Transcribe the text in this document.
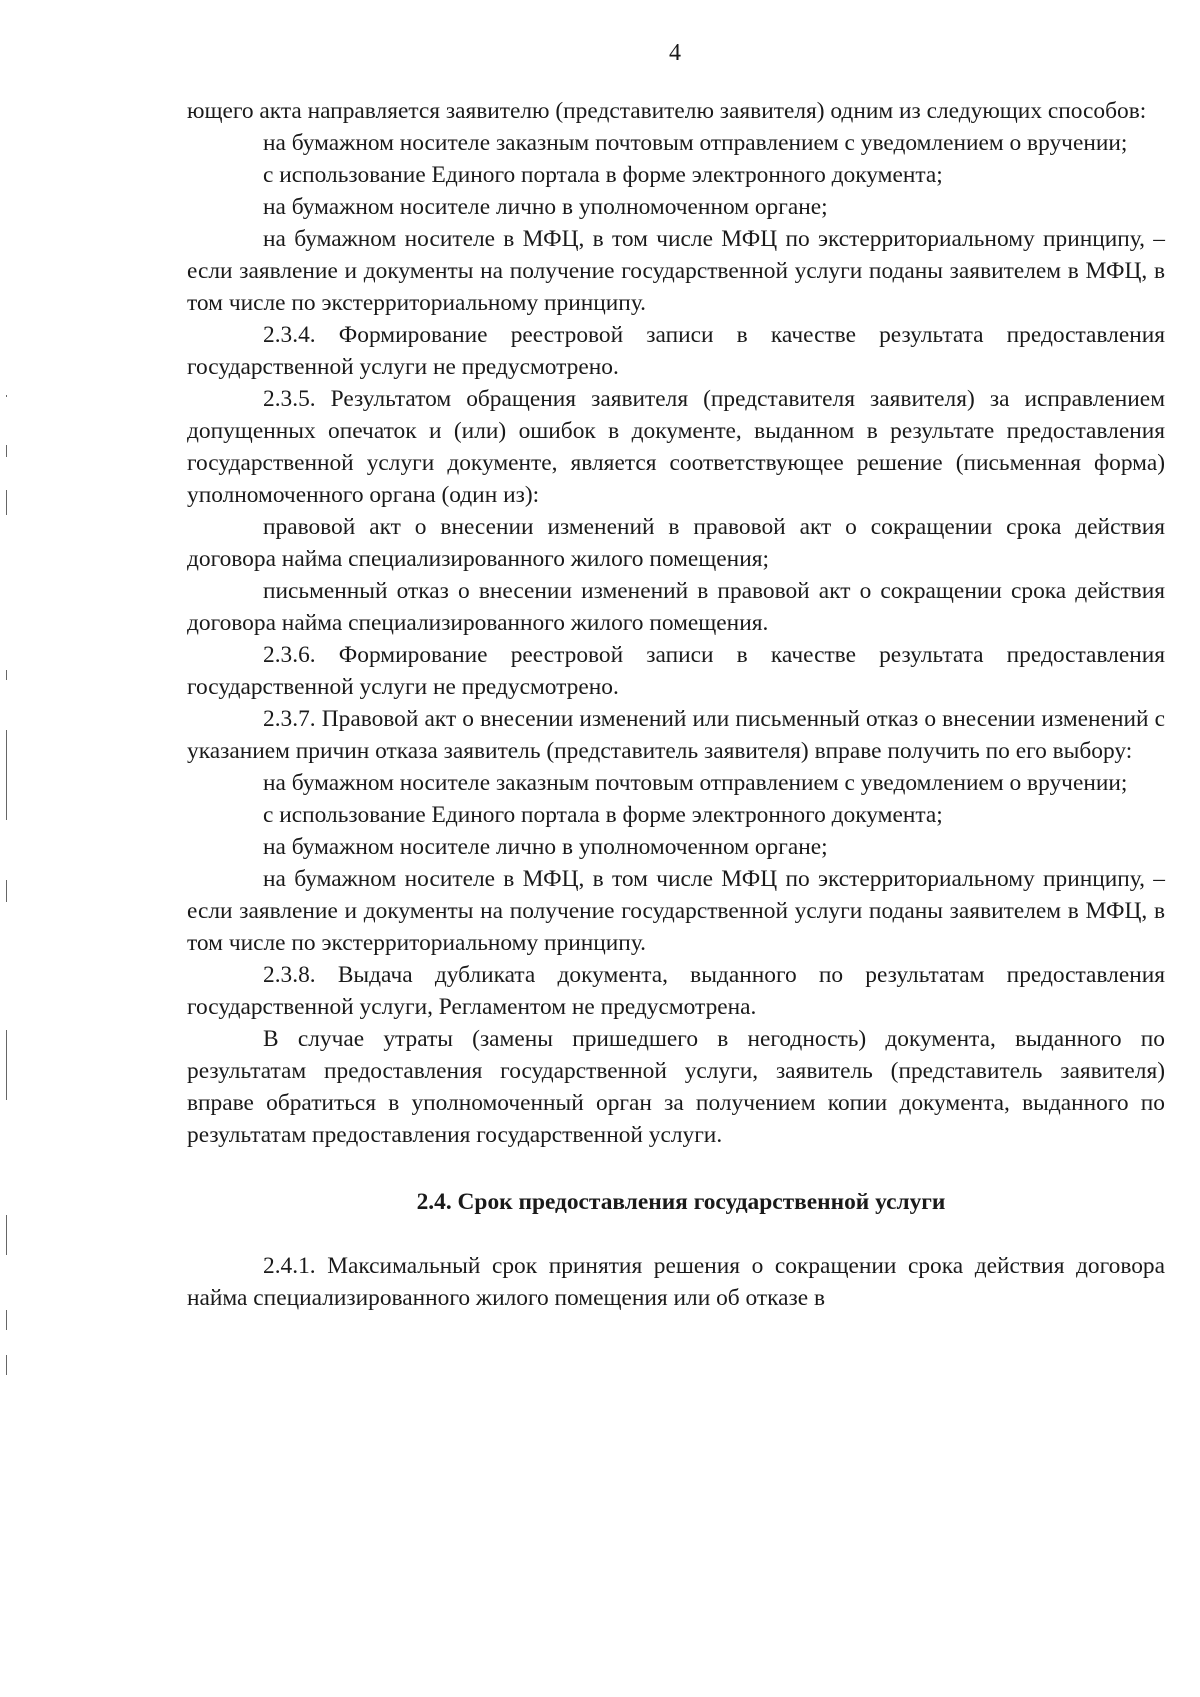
4

ющего акта направляется заявителю (представителю заявителя) одним из следующих способов:

на бумажном носителе заказным почтовым отправлением с уведомлением о вручении;

с использование Единого портала в форме электронного документа;

на бумажном носителе лично в уполномоченном органе;

на бумажном носителе в МФЦ, в том числе МФЦ по экстерриториальному принципу, – если заявление и документы на получение государственной услуги поданы заявителем в МФЦ, в том числе по экстерриториальному принципу.

2.3.4. Формирование реестровой записи в качестве результата предоставления государственной услуги не предусмотрено.

2.3.5. Результатом обращения заявителя (представителя заявителя) за исправлением допущенных опечаток и (или) ошибок в документе, выданном в результате предоставления государственной услуги документе, является соответствующее решение (письменная форма) уполномоченного органа (один из):

правовой акт о внесении изменений в правовой акт о сокращении срока действия договора найма специализированного жилого помещения;

письменный отказ о внесении изменений в правовой акт о сокращении срока действия договора найма специализированного жилого помещения.

2.3.6. Формирование реестровой записи в качестве результата предоставления государственной услуги не предусмотрено.

2.3.7. Правовой акт о внесении изменений или письменный отказ о внесении изменений с указанием причин отказа заявитель (представитель заявителя) вправе получить по его выбору:

на бумажном носителе заказным почтовым отправлением с уведомлением о вручении;

с использование Единого портала в форме электронного документа;

на бумажном носителе лично в уполномоченном органе;

на бумажном носителе в МФЦ, в том числе МФЦ по экстерриториальному принципу, – если заявление и документы на получение государственной услуги поданы заявителем в МФЦ, в том числе по экстерриториальному принципу.

2.3.8. Выдача дубликата документа, выданного по результатам предоставления государственной услуги, Регламентом не предусмотрена.

В случае утраты (замены пришедшего в негодность) документа, выданного по результатам предоставления государственной услуги, заявитель (представитель заявителя) вправе обратиться в уполномоченный орган за получением копии документа, выданного по результатам предоставления государственной услуги.

2.4. Срок предоставления государственной услуги

2.4.1. Максимальный срок принятия решения о сокращении срока действия договора найма специализированного жилого помещения или об отказе в
